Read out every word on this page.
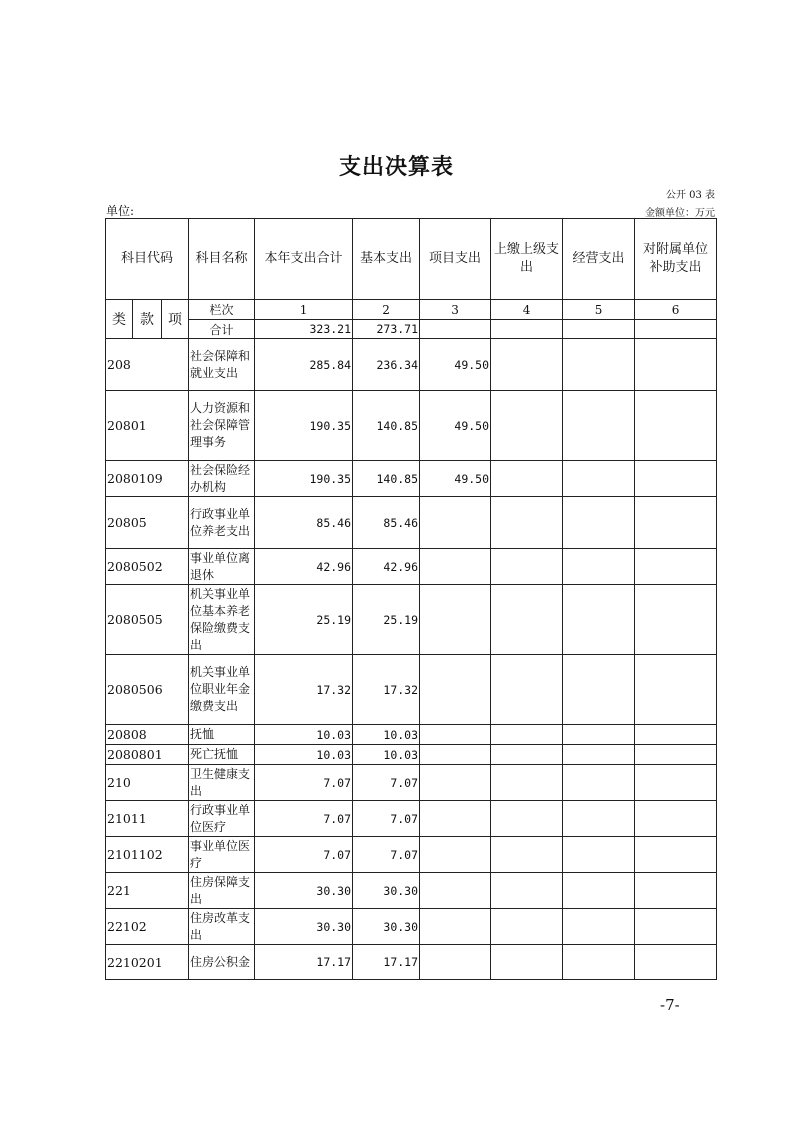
支出决算表
公开 03 表
单位:	金额单位：万元
科目代码			科目名称	本年支出合计	基本支出	项目支出	上缴上级支出	经营支出	对附属单位补助支出
类	款	项	栏次	1	2	3	4	5	6
			合计	323.21	273.71				
208			社会保障和就业支出	285.84	236.34	49.50			
20801			人力资源和社会保障管理事务	190.35	140.85	49.50			
2080109			社会保险经办机构	190.35	140.85	49.50			
20805			行政事业单位养老支出	85.46	85.46				
2080502			事业单位离退休	42.96	42.96				
2080505			机关事业单位基本养老保险缴费支出	25.19	25.19				
2080506			机关事业单位职业年金缴费支出	17.32	17.32				
20808			抚恤	10.03	10.03				
2080801			死亡抚恤	10.03	10.03				
210			卫生健康支出	7.07	7.07				
21011			行政事业单位医疗	7.07	7.07				
2101102			事业单位医疗	7.07	7.07				
221			住房保障支出	30.30	30.30				
22102			住房改革支出	30.30	30.30				
2210201			住房公积金	17.17	17.17				
-7-
